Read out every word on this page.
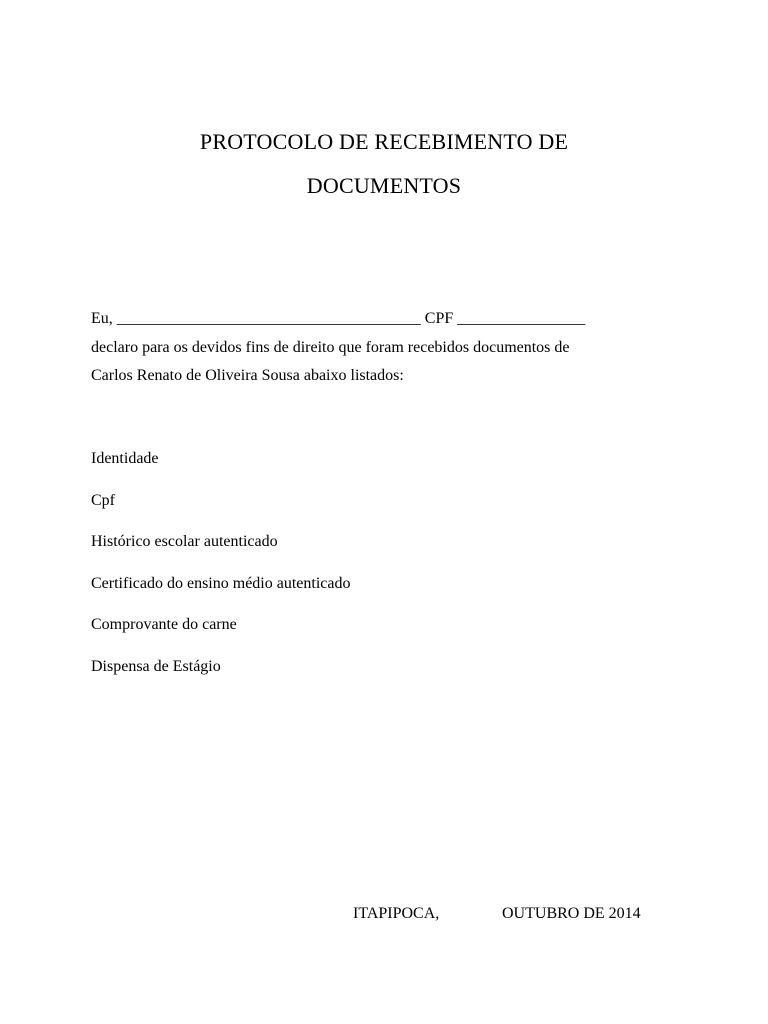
PROTOCOLO DE RECEBIMENTO DE
DOCUMENTOS
Eu, ______________________________________ CPF ________________
declaro para os devidos fins de direito que foram recebidos documentos de
Carlos Renato de Oliveira Sousa abaixo listados:
Identidade
Cpf
Histórico escolar autenticado
Certificado do ensino médio autenticado
Comprovante do carne
Dispensa de Estágio
ITAPIPOCA,	OUTUBRO DE 2014
